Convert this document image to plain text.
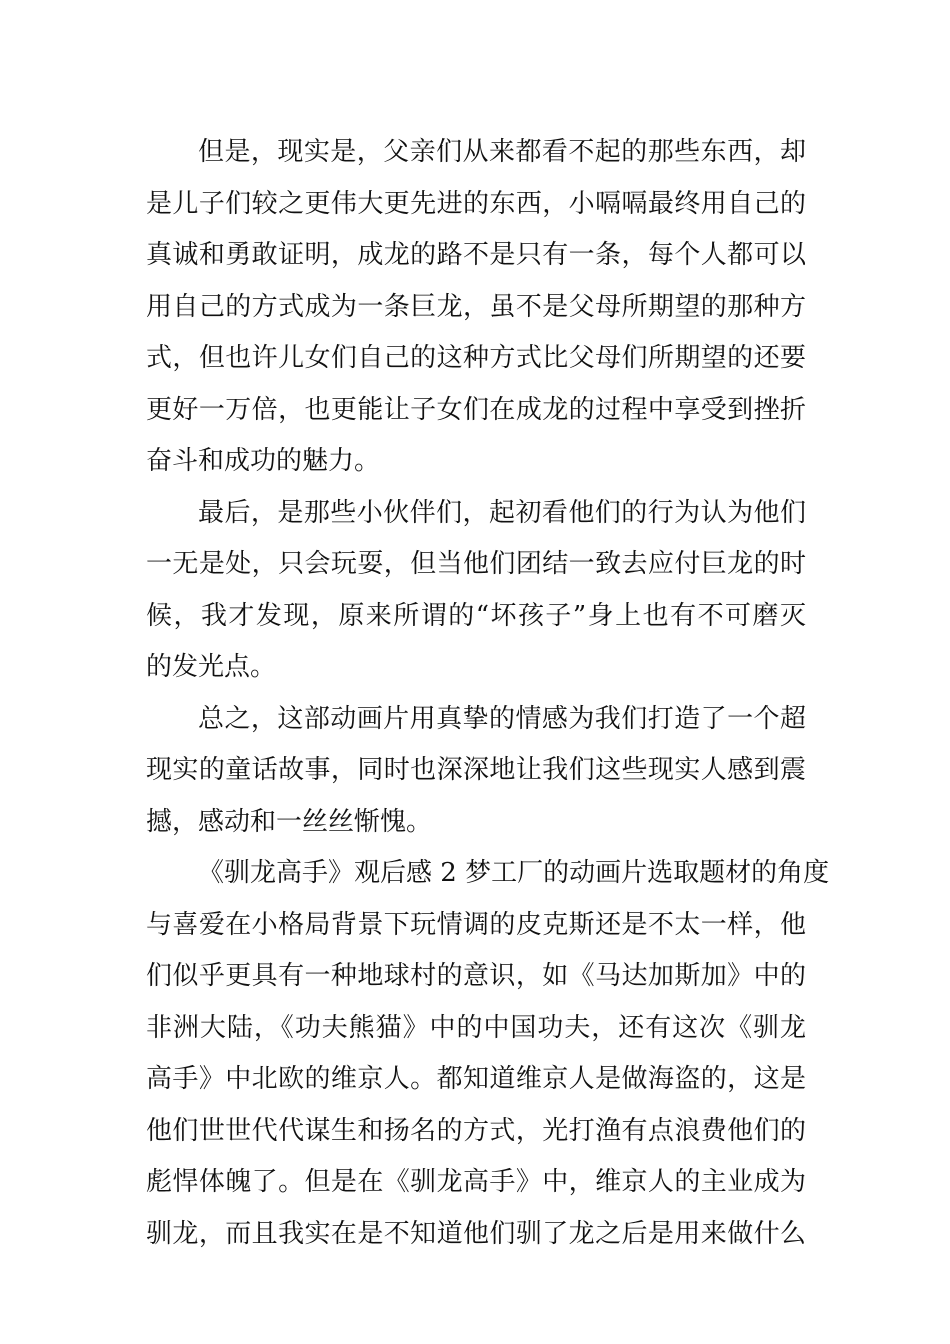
但是，现实是，父亲们从来都看不起的那些东西，却
是儿子们较之更伟大更先进的东西，小嗝嗝最终用自己的
真诚和勇敢证明，成龙的路不是只有一条，每个人都可以
用自己的方式成为一条巨龙，虽不是父母所期望的那种方
式，但也许儿女们自己的这种方式比父母们所期望的还要
更好一万倍，也更能让子女们在成龙的过程中享受到挫折
奋斗和成功的魅力。

最后，是那些小伙伴们，起初看他们的行为认为他们
一无是处，只会玩耍，但当他们团结一致去应付巨龙的时
候，我才发现，原来所谓的“坏孩子”身上也有不可磨灭
的发光点。

总之，这部动画片用真挚的情感为我们打造了一个超
现实的童话故事，同时也深深地让我们这些现实人感到震
撼，感动和一丝丝惭愧。

《驯龙高手》观后感 2 梦工厂的动画片选取题材的角度
与喜爱在小格局背景下玩情调的皮克斯还是不太一样，他
们似乎更具有一种地球村的意识，如《马达加斯加》中的
非洲大陆，《功夫熊猫》中的中国功夫，还有这次《驯龙
高手》中北欧的维京人。都知道维京人是做海盗的，这是
他们世世代代谋生和扬名的方式，光打渔有点浪费他们的
彪悍体魄了。但是在《驯龙高手》中，维京人的主业成为
驯龙，而且我实在是不知道他们驯了龙之后是用来做什么
